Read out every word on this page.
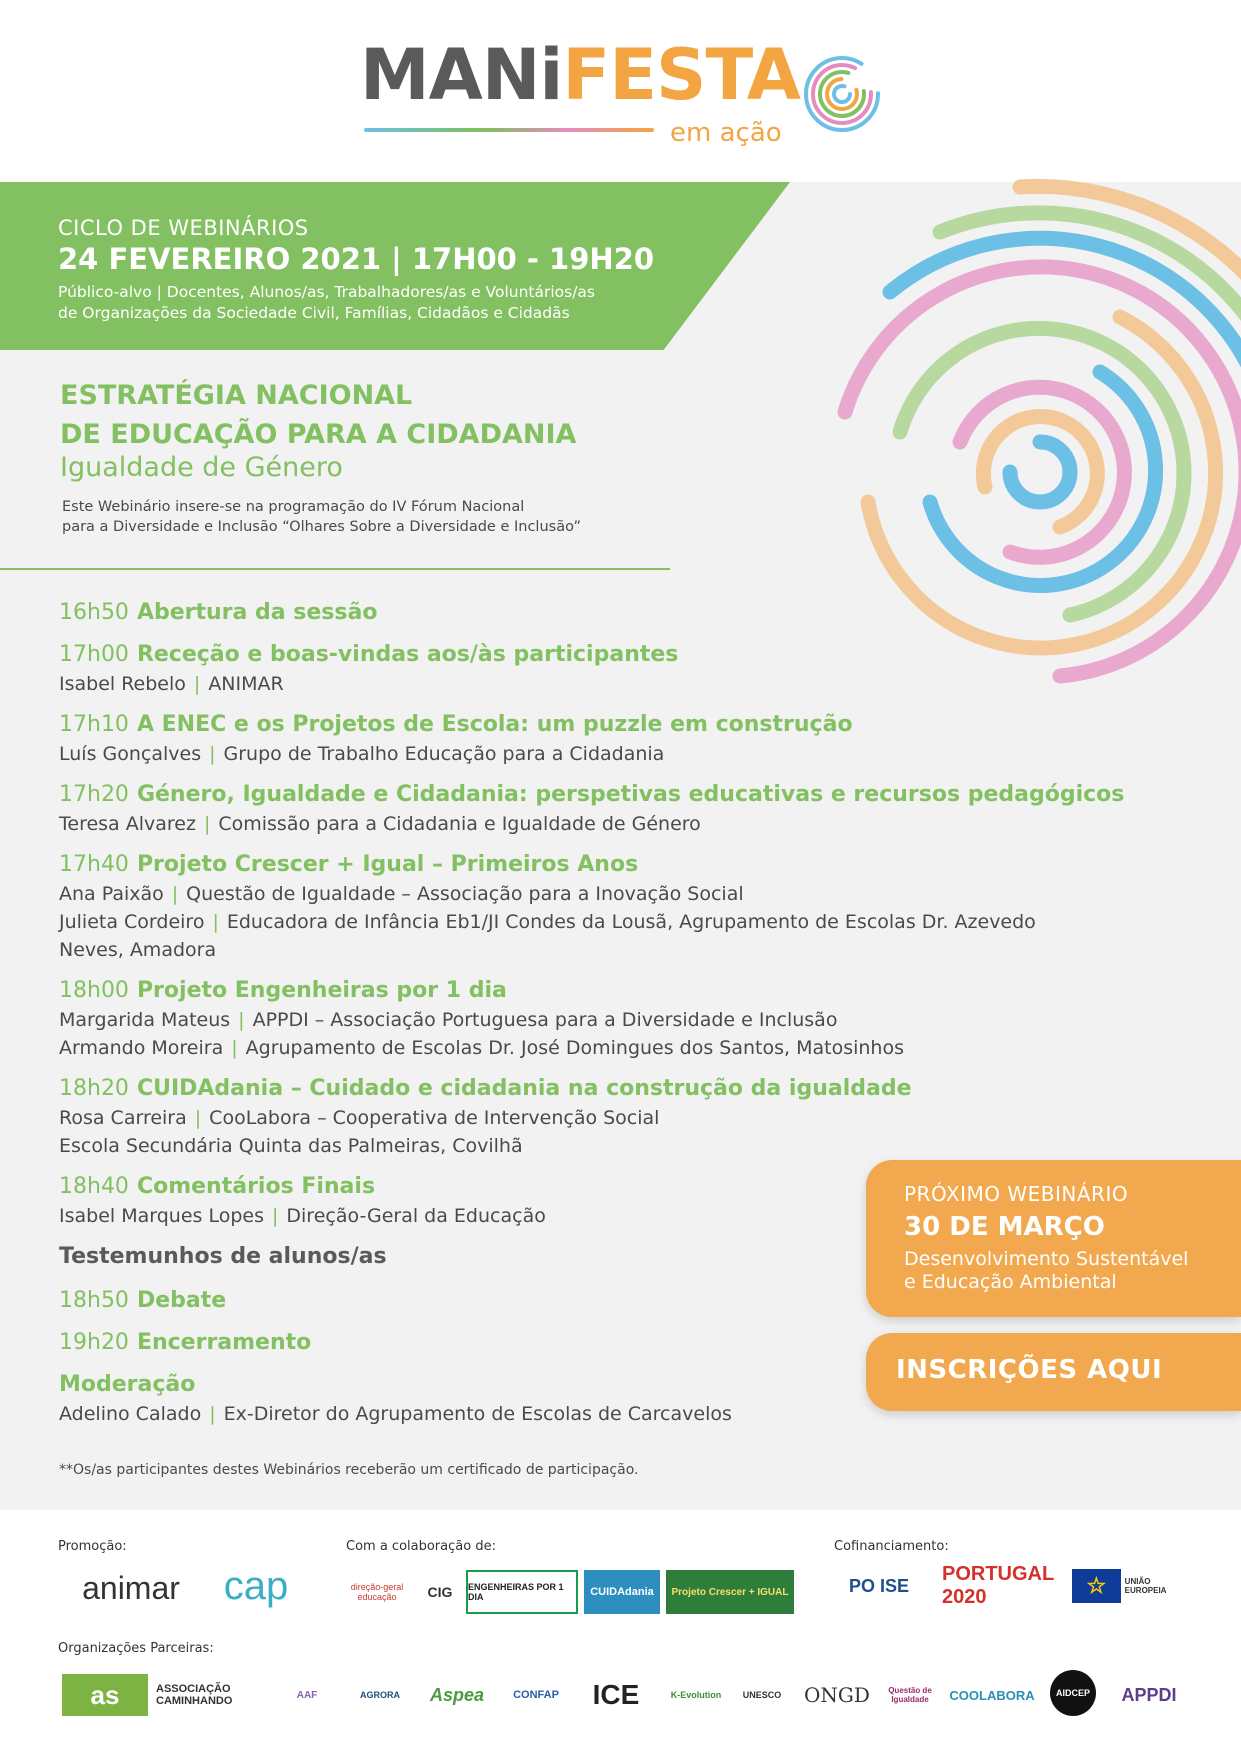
MANiFESTA
em ação
CICLO DE WEBINÁRIOS
24 FEVEREIRO 2021 | 17H00 - 19H20
Público-alvo | Docentes, Alunos/as, Trabalhadores/as e Voluntários/as
de Organizações da Sociedade Civil, Famílias, Cidadãos e Cidadãs
ESTRATÉGIA NACIONAL
DE EDUCAÇÃO PARA A CIDADANIA
Igualdade de Género
Este Webinário insere-se na programação do IV Fórum Nacional
para a Diversidade e Inclusão “Olhares Sobre a Diversidade e Inclusão”
16h50 Abertura da sessão
17h00 Receção e boas-vindas aos/às participantes
Isabel Rebelo | ANIMAR
17h10 A ENEC e os Projetos de Escola: um puzzle em construção
Luís Gonçalves | Grupo de Trabalho Educação para a Cidadania
17h20 Género, Igualdade e Cidadania: perspetivas educativas e recursos pedagógicos
Teresa Alvarez | Comissão para a Cidadania e Igualdade de Género
17h40 Projeto Crescer + Igual – Primeiros Anos
Ana Paixão | Questão de Igualdade – Associação para a Inovação Social
Julieta Cordeiro | Educadora de Infância Eb1/JI Condes da Lousã, Agrupamento de Escolas Dr. Azevedo
Neves, Amadora
18h00 Projeto Engenheiras por 1 dia
Margarida Mateus | APPDI – Associação Portuguesa para a Diversidade e Inclusão
Armando Moreira | Agrupamento de Escolas Dr. José Domingues dos Santos, Matosinhos
18h20 CUIDAdania – Cuidado e cidadania na construção da igualdade
Rosa Carreira | CooLabora – Cooperativa de Intervenção Social
Escola Secundária Quinta das Palmeiras, Covilhã
18h40 Comentários Finais
Isabel Marques Lopes | Direção-Geral da Educação
Testemunhos de alunos/as
18h50 Debate
19h20 Encerramento
Moderação
Adelino Calado | Ex-Diretor do Agrupamento de Escolas de Carcavelos
**Os/as participantes destes Webinários receberão um certificado de participação.
PRÓXIMO WEBINÁRIO
30 DE MARÇO
Desenvolvimento Sustentável
e Educação Ambiental
INSCRIÇÕES AQUI
Promoção:	Com a colaboração de:	Cofinanciamento:
Organizações Parceiras:
animar	cap	direção-geral educação	CIG	ENGENHEIRAS POR 1 DIA	CUIDAdania	Projeto Crescer + IGUAL	PO ISE
PORTUGAL 2020	☆	UNIÃO EUROPEIA
as	ASSOCIAÇÃO CAMINHANDO	AAF	AGRORA	Aspea	CONFAP	ICE	K-Evolution	UNESCO	ONGD	Questão de Igualdade	COOLABORA	AIDCEP	APPDI
